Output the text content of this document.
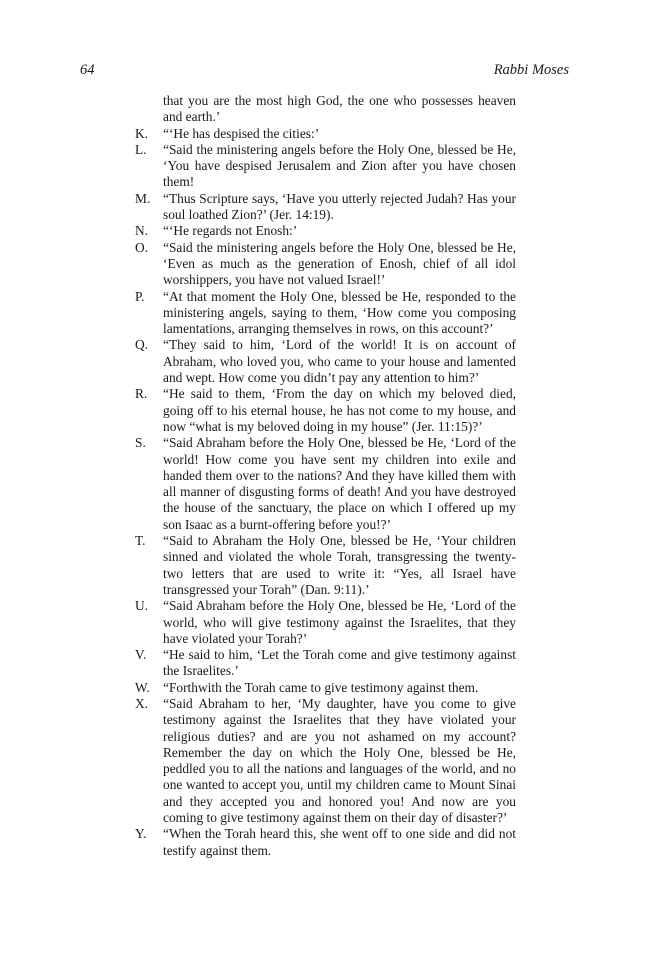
64	Rabbi Moses
that you are the most high God, the one who possesses heaven and earth.’
K. “‘He has despised the cities:’
L. “Said the ministering angels before the Holy One, blessed be He, ‘You have despised Jerusalem and Zion after you have chosen them!
M. “Thus Scripture says, ‘Have you utterly rejected Judah? Has your soul loathed Zion?’ (Jer. 14:19).
N. “‘He regards not Enosh:’
O. “Said the ministering angels before the Holy One, blessed be He, ‘Even as much as the generation of Enosh, chief of all idol worshippers, you have not valued Israel!’
P. “At that moment the Holy One, blessed be He, responded to the ministering angels, saying to them, ‘How come you composing lamentations, arranging themselves in rows, on this account?’
Q. “They said to him, ‘Lord of the world! It is on account of Abraham, who loved you, who came to your house and lamented and wept. How come you didn’t pay any attention to him?’
R. “He said to them, ‘From the day on which my beloved died, going off to his eternal house, he has not come to my house, and now “what is my beloved doing in my house” (Jer. 11:15)?’
S. “Said Abraham before the Holy One, blessed be He, ‘Lord of the world! How come you have sent my children into exile and handed them over to the nations? And they have killed them with all manner of disgusting forms of death! And you have destroyed the house of the sanctuary, the place on which I offered up my son Isaac as a burnt-offering before you!?’
T. “Said to Abraham the Holy One, blessed be He, ‘Your children sinned and violated the whole Torah, transgressing the twenty-two letters that are used to write it: “Yes, all Israel have transgressed your Torah” (Dan. 9:11).’
U. “Said Abraham before the Holy One, blessed be He, ‘Lord of the world, who will give testimony against the Israelites, that they have violated your Torah?’
V. “He said to him, ‘Let the Torah come and give testimony against the Israelites.’
W. “Forthwith the Torah came to give testimony against them.
X. “Said Abraham to her, ‘My daughter, have you come to give testimony against the Israelites that they have violated your religious duties? and are you not ashamed on my account? Remember the day on which the Holy One, blessed be He, peddled you to all the nations and languages of the world, and no one wanted to accept you, until my children came to Mount Sinai and they accepted you and honored you! And now are you coming to give testimony against them on their day of disaster?’
Y. “When the Torah heard this, she went off to one side and did not testify against them.
